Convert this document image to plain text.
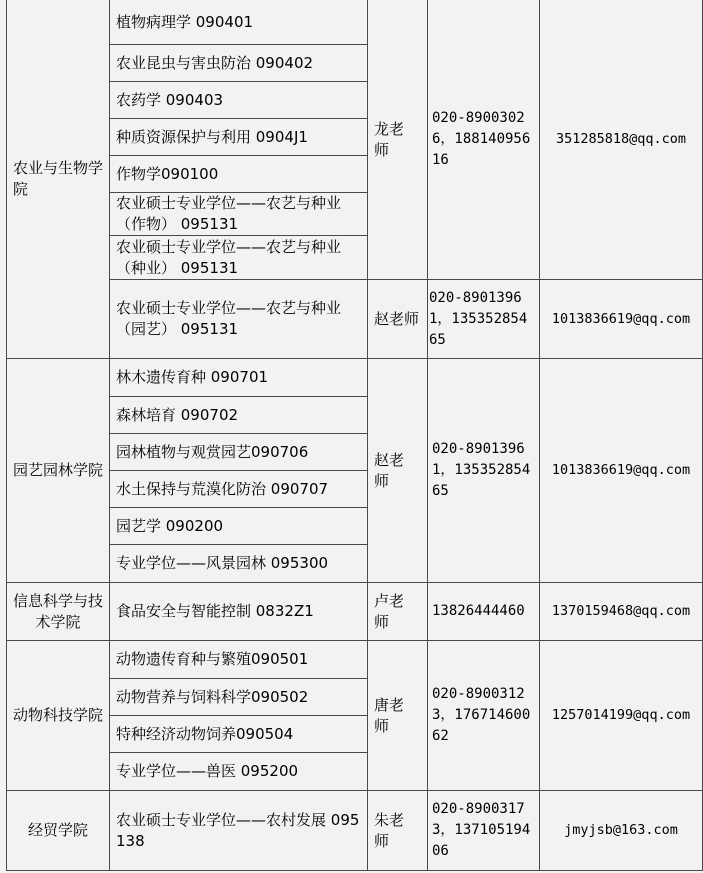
农业与生物学院
植物病理学 090401
农业昆虫与害虫防治 090402
农药学 090403
种质资源保护与利用 0904J1
作物学090100
农业硕士专业学位——农艺与种业（作物） 095131
农业硕士专业学位——农艺与种业（种业） 095131
龙老师
020-89003026，18814095616
351285818@qq.com
农业硕士专业学位——农艺与种业（园艺） 095131
赵老师
020-89013961，13535285465
1013836619@qq.com
园艺园林学院
林木遗传育种 090701
森林培育 090702
园林植物与观赏园艺090706
水土保持与荒漠化防治 090707
园艺学 090200
专业学位——风景园林 095300
赵老师
020-89013961，13535285465
1013836619@qq.com
信息科学与技术学院
食品安全与智能控制 0832Z1
卢老师
13826444460 1370159468@qq.com
动物科技学院
动物遗传育种与繁殖090501
动物营养与饲料科学090502
特种经济动物饲养090504
专业学位——兽医 095200
唐老师
020-89003123，17671460062
1257014199@qq.com
经贸学院
农业硕士专业学位——农村发展 095138
朱老师
020-89003173，13710519406
jmyjsb@163.com
